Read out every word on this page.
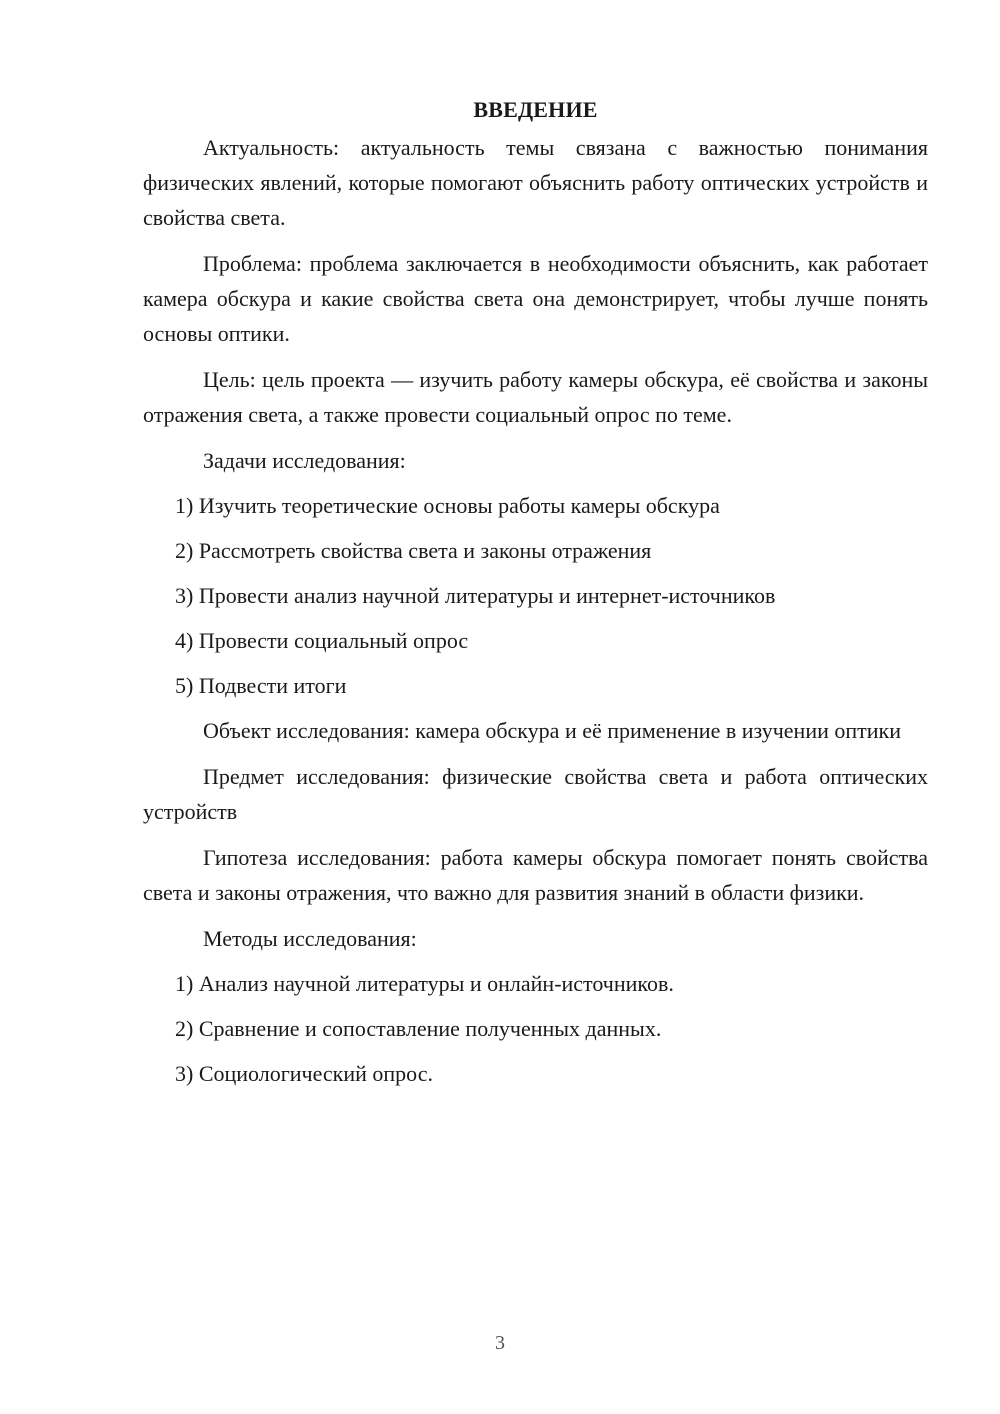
ВВЕДЕНИЕ

Актуальность: актуальность темы связана с важностью понимания физических явлений, которые помогают объяснить работу оптических устройств и свойства света.

Проблема: проблема заключается в необходимости объяснить, как работает камера обскура и какие свойства света она демонстрирует, чтобы лучше понять основы оптики.

Цель: цель проекта — изучить работу камеры обскура, её свойства и законы отражения света, а также провести социальный опрос по теме.

Задачи исследования:

1) Изучить теоретические основы работы камеры обскура
2) Рассмотреть свойства света и законы отражения
3) Провести анализ научной литературы и интернет-источников
4) Провести социальный опрос
5) Подвести итоги

Объект исследования: камера обскура и её применение в изучении оптики

Предмет исследования: физические свойства света и работа оптических устройств

Гипотеза исследования: работа камеры обскура помогает понять свойства света и законы отражения, что важно для развития знаний в области физики.

Методы исследования:

1) Анализ научной литературы и онлайн-источников.
2) Сравнение и сопоставление полученных данных.
3) Социологический опрос.
3
